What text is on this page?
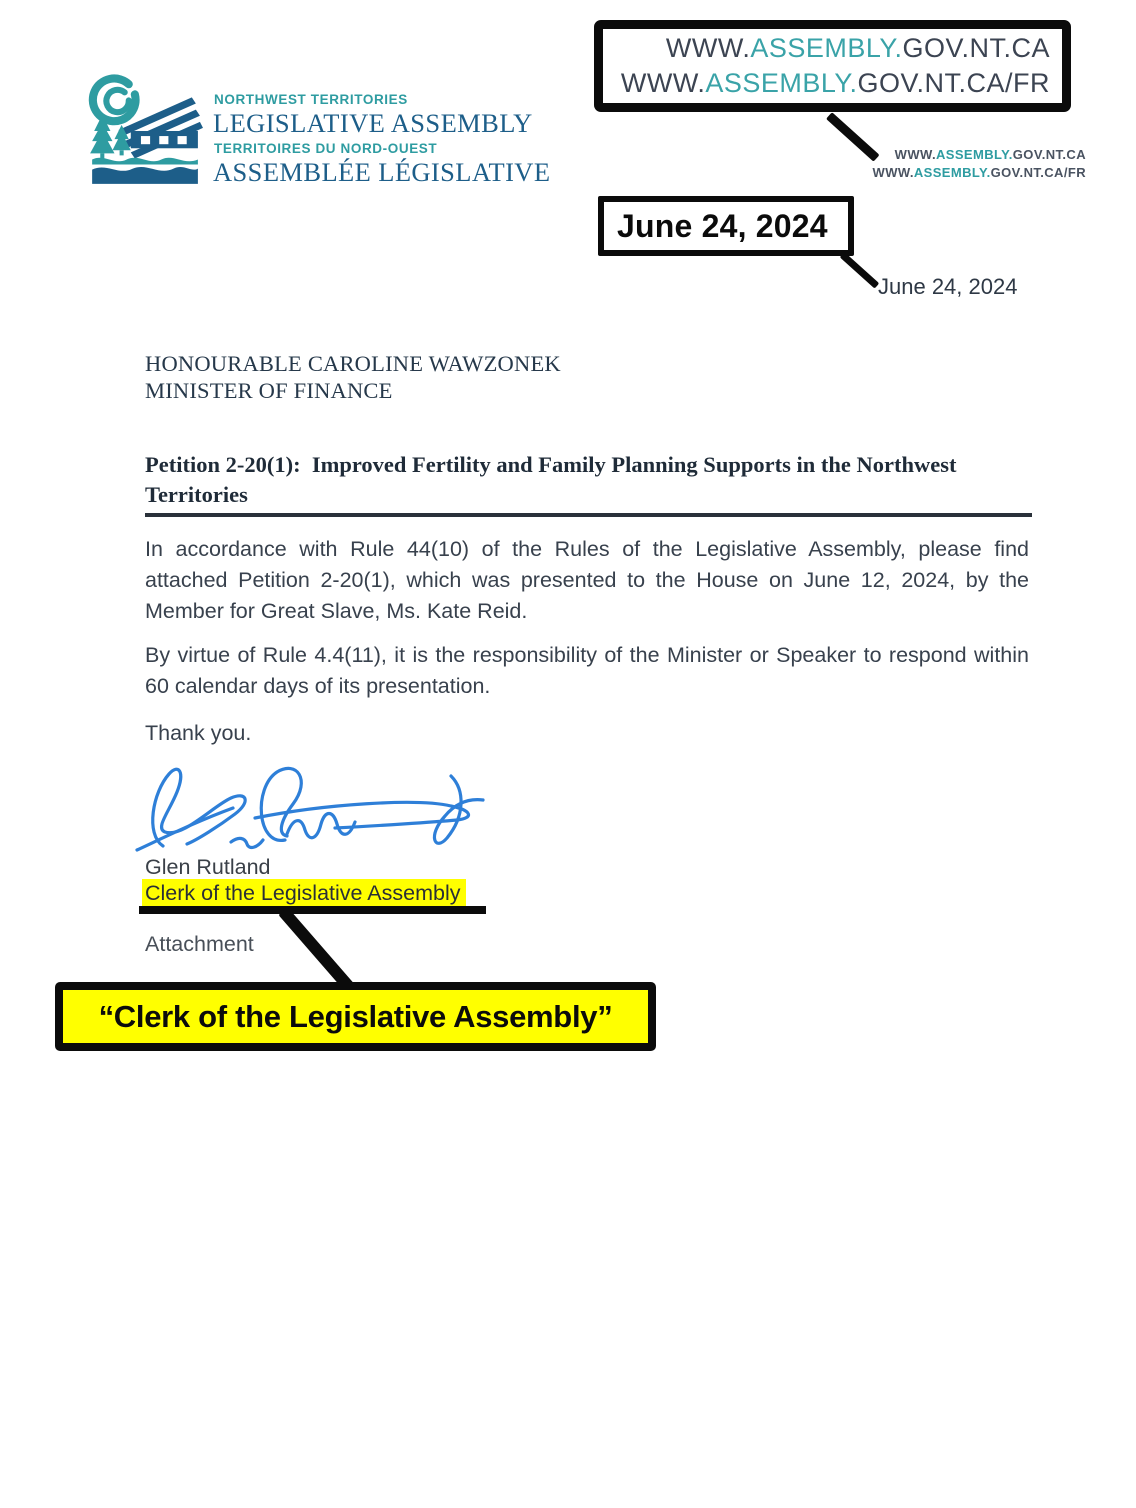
NORTHWEST TERRITORIES
LEGISLATIVE ASSEMBLY
TERRITOIRES DU NORD-OUEST
ASSEMBLÉE LÉGISLATIVE
WWW.ASSEMBLY.GOV.NT.CA
WWW.ASSEMBLY.GOV.NT.CA/FR
WWW.ASSEMBLY.GOV.NT.CA
WWW.ASSEMBLY.GOV.NT.CA/FR
June 24, 2024
June 24, 2024
HONOURABLE CAROLINE WAWZONEK
MINISTER OF FINANCE
Petition 2-20(1):  Improved Fertility and Family Planning Supports in the Northwest Territories
In accordance with Rule 44(10) of the Rules of the Legislative Assembly, please find attached Petition 2-20(1), which was presented to the House on June 12, 2024, by the Member for Great Slave, Ms. Kate Reid.
By virtue of Rule 4.4(11), it is the responsibility of the Minister or Speaker to respond within 60 calendar days of its presentation.
Thank you.
Glen Rutland
Clerk of the Legislative Assembly
Attachment
“Clerk of the Legislative Assembly”
